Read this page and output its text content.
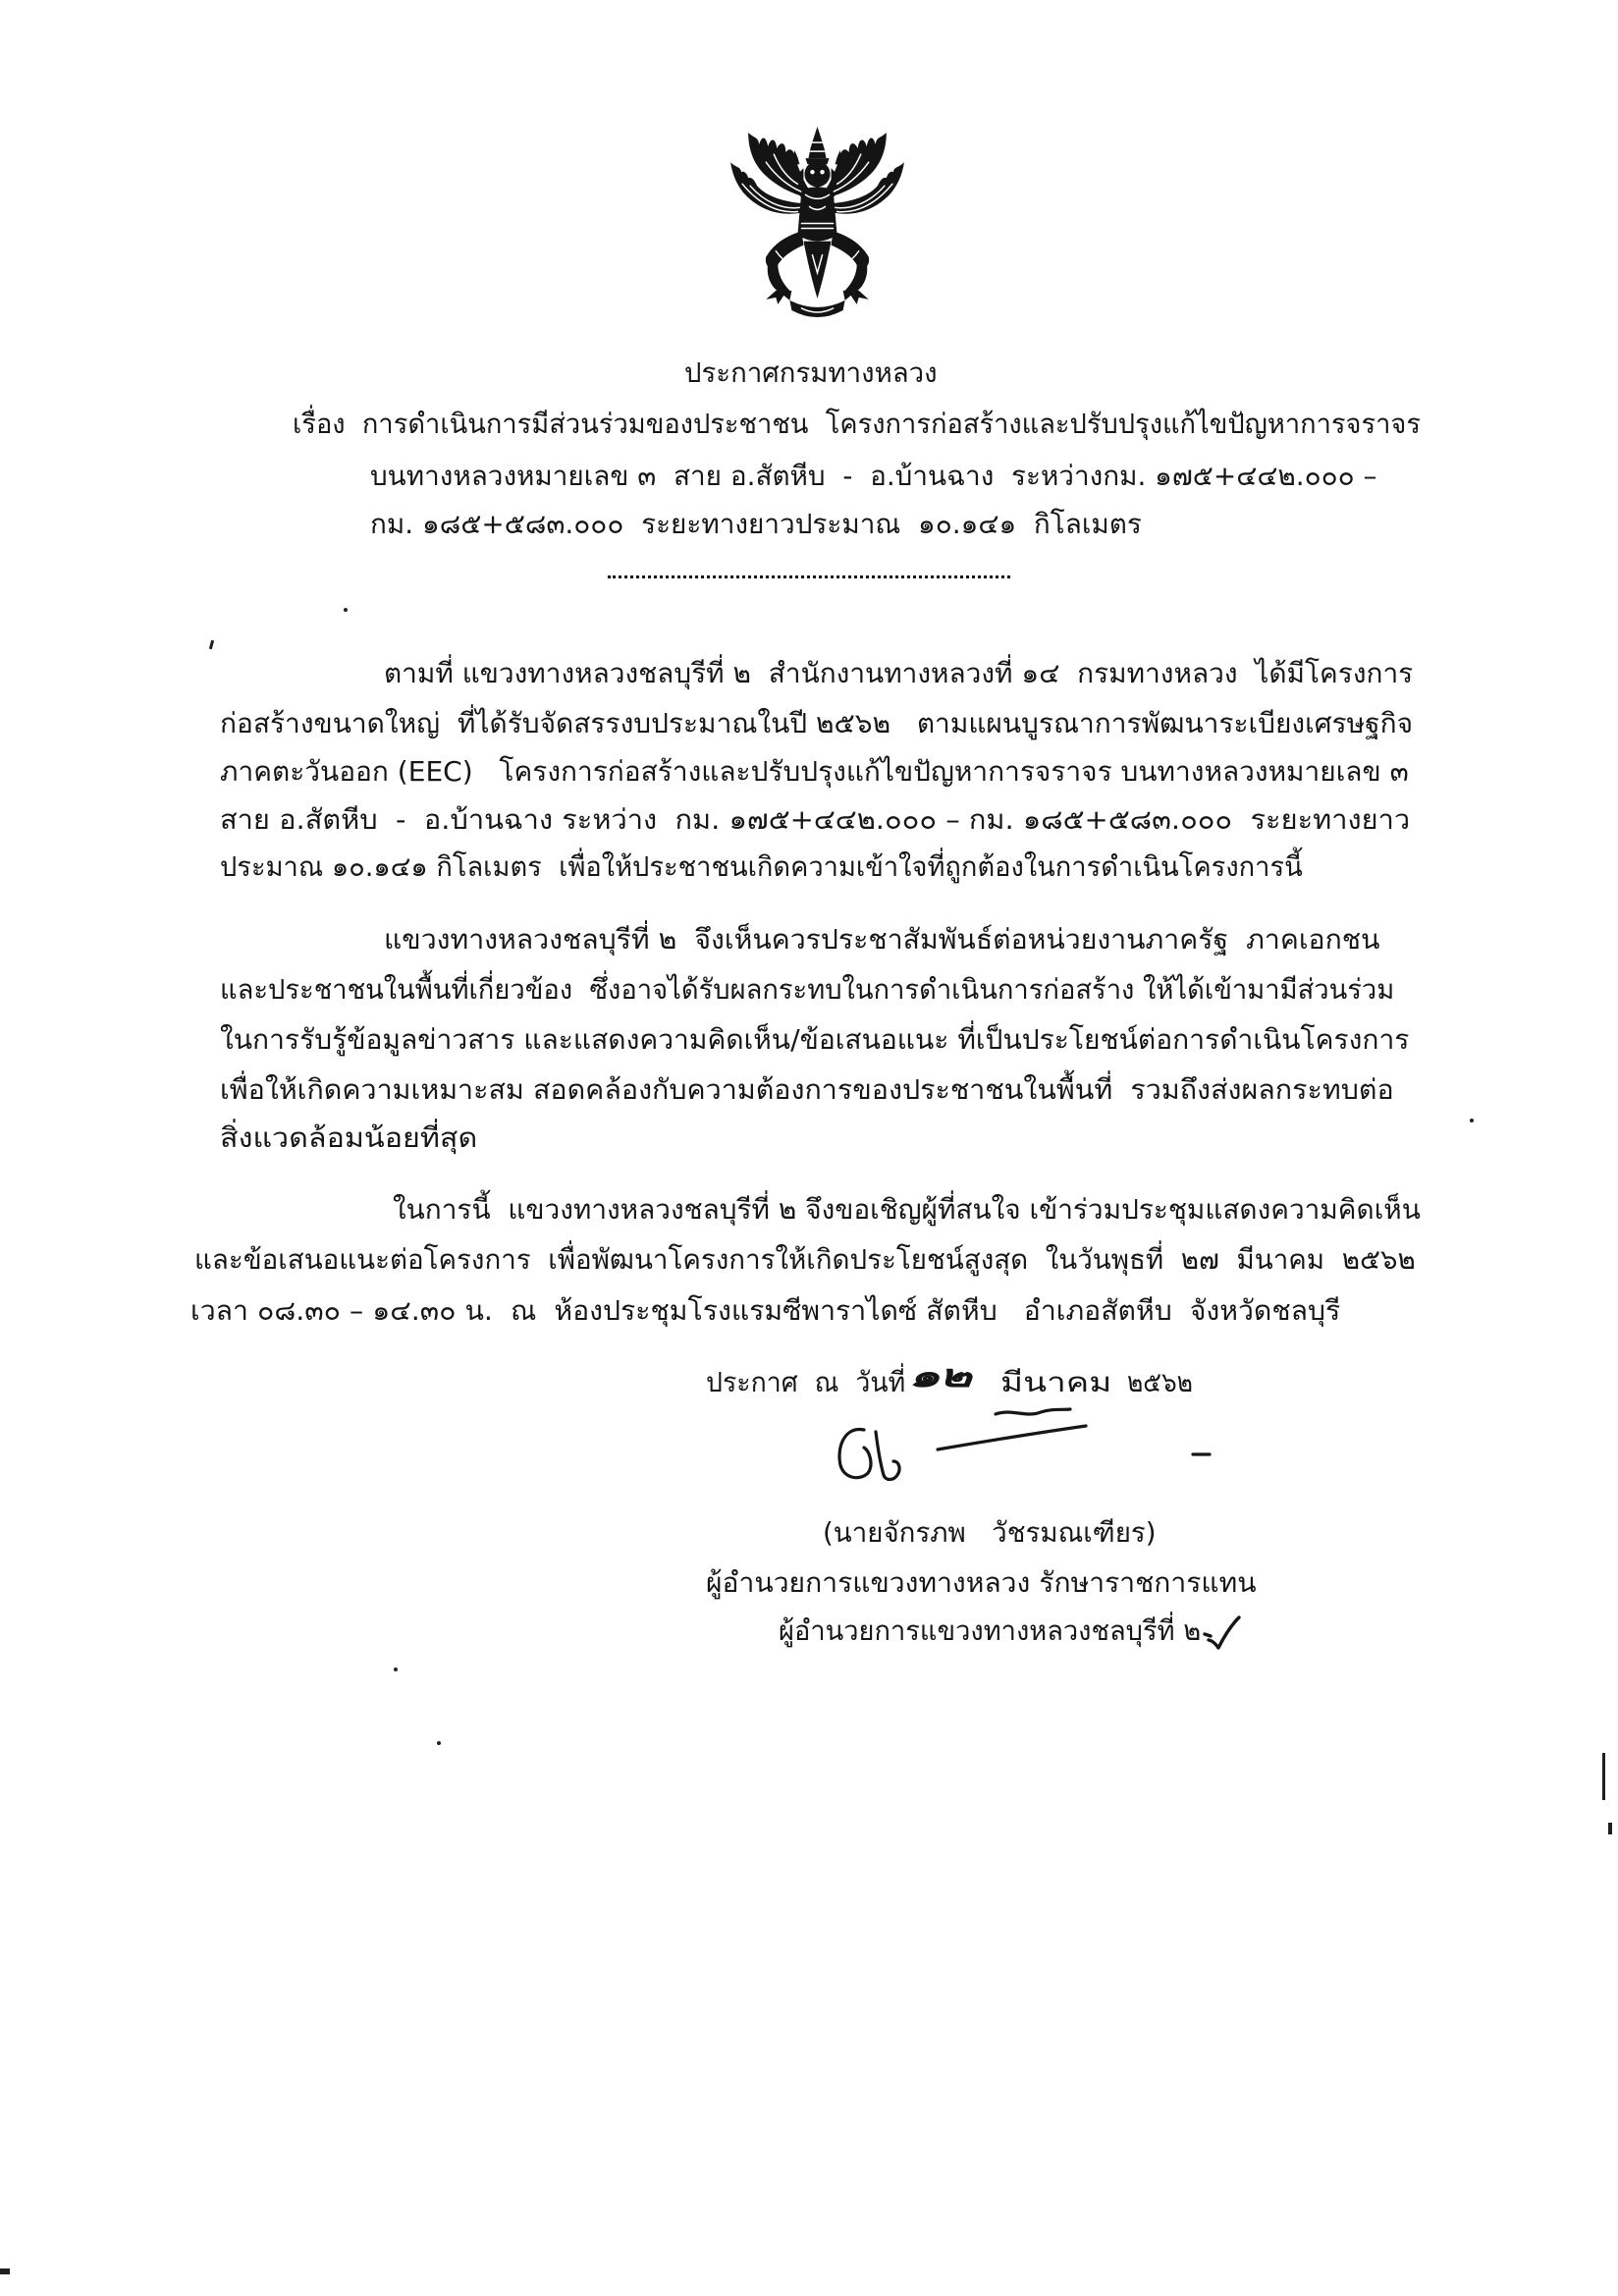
ประกาศกรมทางหลวง
เรื่อง  การดำเนินการมีส่วนร่วมของประชาชน  โครงการก่อสร้างและปรับปรุงแก้ไขปัญหาการจราจร
บนทางหลวงหมายเลข ๓  สาย อ.สัตหีบ  -  อ.บ้านฉาง  ระหว่างกม. ๑๗๕+๔๔๒.๐๐๐ –
กม. ๑๘๕+๕๘๓.๐๐๐  ระยะทางยาวประมาณ  ๑๐.๑๔๑  กิโลเมตร
ตามที่ แขวงทางหลวงชลบุรีที่ ๒  สำนักงานทางหลวงที่ ๑๔  กรมทางหลวง  ได้มีโครงการ
ก่อสร้างขนาดใหญ่  ที่ได้รับจัดสรรงบประมาณในปี ๒๕๖๒   ตามแผนบูรณาการพัฒนาระเบียงเศรษฐกิจ
ภาคตะวันออก (EEC)   โครงการก่อสร้างและปรับปรุงแก้ไขปัญหาการจราจร บนทางหลวงหมายเลข ๓
สาย อ.สัตหีบ  -  อ.บ้านฉาง ระหว่าง  กม. ๑๗๕+๔๔๒.๐๐๐ – กม. ๑๘๕+๕๘๓.๐๐๐  ระยะทางยาว
ประมาณ ๑๐.๑๔๑ กิโลเมตร  เพื่อให้ประชาชนเกิดความเข้าใจที่ถูกต้องในการดำเนินโครงการนี้
แขวงทางหลวงชลบุรีที่ ๒  จึงเห็นควรประชาสัมพันธ์ต่อหน่วยงานภาครัฐ  ภาคเอกชน
และประชาชนในพื้นที่เกี่ยวข้อง  ซึ่งอาจได้รับผลกระทบในการดำเนินการก่อสร้าง ให้ได้เข้ามามีส่วนร่วม
ในการรับรู้ข้อมูลข่าวสาร และแสดงความคิดเห็น/ข้อเสนอแนะ ที่เป็นประโยชน์ต่อการดำเนินโครงการ
เพื่อให้เกิดความเหมาะสม สอดคล้องกับความต้องการของประชาชนในพื้นที่  รวมถึงส่งผลกระทบต่อ
สิ่งแวดล้อมน้อยที่สุด
ในการนี้  แขวงทางหลวงชลบุรีที่ ๒ จึงขอเชิญผู้ที่สนใจ เข้าร่วมประชุมแสดงความคิดเห็น
และข้อเสนอแนะต่อโครงการ  เพื่อพัฒนาโครงการให้เกิดประโยชน์สูงสุด  ในวันพุธที่  ๒๗  มีนาคม  ๒๕๖๒
เวลา ๐๘.๓๐ – ๑๔.๓๐ น.  ณ  ห้องประชุมโรงแรมซีพาราไดซ์ สัตหีบ   อำเภอสัตหีบ  จังหวัดชลบุรี
ประกาศ  ณ  วันที่ ๑๒ มีนาคม ๒๕๖๒
(นายจักรภพ   วัชรมณเฑียร)
ผู้อำนวยการแขวงทางหลวง รักษาราชการแทน
ผู้อำนวยการแขวงทางหลวงชลบุรีที่ ๒
